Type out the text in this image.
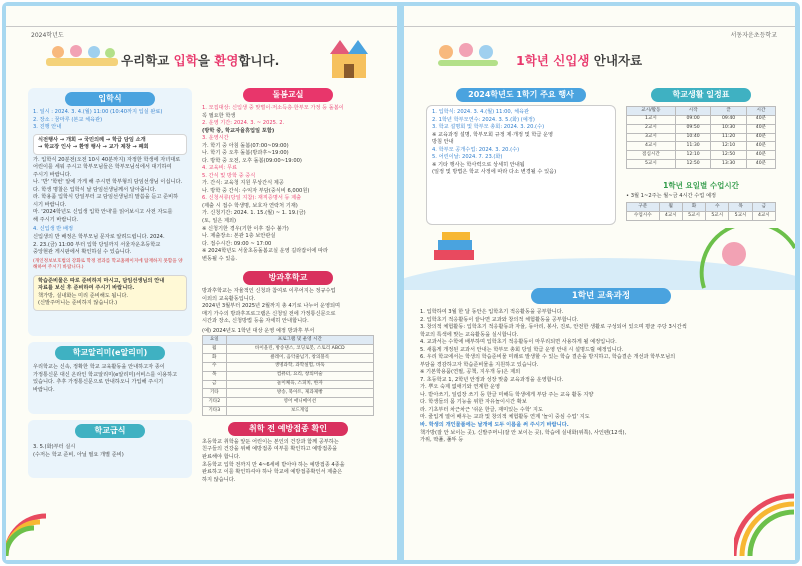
2024학년도
우리학교 입학을 환영합니다.
입학식
1. 일시 : 2024. 3. 4.(월) 11:00 (10:40까지 입실 완료)
2. 장소 : 꿈마루 (본교 체육관)
3. 진행 안내
식전행사 → 개회 → 국민의례 → 학급 담임 소개
→ 학교장 인사 → 환영 행사 → 교가 제창 → 폐회
가. 입학식 20분전(오전 10시 40분까지) 자정한 학생에 자녀대로
어린이를 세워 주시고 학부모님들은 학부모님석에서 대기하여
주시기 바랍니다.
나. '반' '학번' 알에 가게 해 주시면 학부형의 담임선생님 이십니다.
다. 학생 명찰은 입학식 날 담임선생님께서 달아줍니다.
라. 학용품 입학식 당일부터 교 담임선생님의 말씀을 듣고 준비하
시기 바랍니다.
마. '2024학년도 신입생 입학 안내'를 읽어보시고 사전 자도를
해 주시기 바랍니다.
4. 신입생 반 배정
신입생의 반 배정은 학부모님 문자로 알려드립니다. 2024.
2. 23.(금) 11:00 부터 입학 당일까지 서울자운초등학교
중앙현관 게시판에서 확인하실 수 있습니다.
(개인정보보호법의 강화로 학정 결과를 학교홈페이지에 탑재하지 못함을 양해하여 주시기 바랍니다.)
학습준비물은 따로 준비하지 마시고, 담임선생님의 안내
자료를 보신 후 준비하여 주시기 바랍니다.
책가방, 실내화는 미리 준비해도 됩니다.
(신발주머니는 준비하지 않습니다.)
학교알리미(e알리미)
우리학교는 신속, 정확한 학교 교육활동을 안내하고자 종이
가정통신문 대신 온라인 학교알리미(e알리미)서비스를 이용하고
있습니다. 추후 가정통신문으로 안내하오니 가입해 주시기
바랍니다.
학교급식
3. 5.(화)부터 실시
(수저는 학교 준비, 아닐 필요 개별 준비)
돌봄교실
1. 모집대상: 신입생 중 맞벌이·저소득층·한부모 가정 등 돌봄이
꼭 필요한 학생
2. 운영 기간: 2024. 3. ~ 2025. 2.
(방학 중, 학교자율휴업일 포함)
3. 운영시간
가. 학기 중 아침 돌봄(07:00~09:00)
나. 학기 중 오후 돌봄(방과후~19:00)
다. 방학 중 오전, 오후 돌봄(09:00~19:00)
4. 교육비: 무료
5. 간식 및 방학 중 중식
가. 간식: 교육청 지원 무상간식 제공
나. 방학 중 간식: 수익자 부담(중식비 6,000원)
6. 신청서류(당일 지참): 재직증명서 등 제출
(제출 시 접수 학생명, 보호자 연락처 기재)
가. 신청기간: 2024. 1. 15.(월) ~ 1. 19.(금)
(토, 일은 제외)
※ 신청기한 경우(기한 이후 접수 불가)
나. 제출장소: 본관 1층 보안관실
다. 접수시간: 09:00 ~ 17:00
※ 2024학년도 서울초등돌봄교실 운영 길라잡이에 따라
변동될 수 있음.
방과후학교
방과후학교는 자율적인 신청과 참여로 이루어지는 정규수업
이외의 교육활동입니다.
2024년 3월부터 2025년 2월까지 총 4기로 나누어 운영되며
매기 가수의 방과후프로그램은 신청일 전에 가정통신문으로
시간과 장소, 신청방법 등을 자세히 안내합니다.
(예) 2024년도 1학년 대상 운영 예정 방과후 부서
요일	프로그램 및 운영 시간
월	바이올린, 방송댄스, 코딩로봇, 스토리 ABCD
화	클레이, 음악줄넘기, 창의블록
수	생명과학, 과학실험, 바둑
목	컴퓨터, 요리, 창의미술
금	놀이체육, 스피치, 한자
기타	방송, 북아트, 제과제빵
기타2	영어 애니메이션
기타3	보드게임
취학 전 예방접종 확인
초등학교 취학을 앞둔 어린이는 본인의 건강과 함께 공부하는
친구들의 건강을 위해 예방접종 여부를 확인하고 예방접종을
완료해야 합니다.
초등학교 입학 전까지 만 4~6세에 받아야 하는 예방접종 4종을
완료하고 이를 확인하셔야 하나 학교에 예방접종확인서 제출은
하지 않습니다.
서동자운초등학교
1학년 신입생 안내자료
2024학년도 1학기 주요 행사
1. 입학식: 2024. 3. 4.(월) 11:00, 체육관
2. 1학년 학부모연수: 2024. 3. 5.(화) (예정)
3. 학교 설명회 및 학부모 총회: 2024. 3. 20.(수)
※ 교육과정 설명, 학부모회 규정 제·개정 및 학급 운영
방침 안내
4. 학부모 공개수업: 2024. 3. 20.(수)
5. 어린이날: 2024. 7. 23.(화)
※ 기타 행사는 학사력으로 상세히 안내됨
(일정 및 방법은 학교 사정에 따라 다소 변경될 수 있음)
학교생활 일정표
교시/활동	시작	끝	시간
1교시	09:00	09:40	40분
2교시	09:50	10:30	40분
3교시	10:40	11:20	40분
4교시	11:30	12:10	40분
점심시간	12:10	12:50	40분
5교시	12:50	13:30	40분
1학년 요일별 수업시간
• 3월 1~2주는 월~금 4시간 수업 예정
구분	월	화	수	목	금
수업시수	4교시	5교시	5교시	5교시	4교시
1학년 교육과정
1. 입학하여 3월 한 달 동안은 입학초기 적응활동을 공부합니다.
2. 입학초기 적응활동이 끝나면 교과와 창의적 체험활동을 공부합니다.
3. 창의적 체험활동: 입학초기 적응활동과 자율, 동아리, 봉사, 진로, 안전한 생활로 구성되어 있으며 평균 주당 3시간씩
학교의 특색에 맞는 교육활동을 실시합니다.
4. 교과서는 수학에 배부하며 입학초기 적응활동이 마무리되면 사용하게 될 예정입니다.
5. 새롭게 개정된 교과서 안내는 학부모 총회 당일 학급 운영 안내 시 설명드릴 예정입니다.
6. 우리 학교에서는 학생의 학습준비물 미래로 발생할 수 있는 학습 결손을 방지하고, 학습결손 개선과 학부모님의
부담을 경감하고자 학습준비물을 지원하고 있습니다.
※ 기본학용품(연필, 공책, 지우개 등)은 제외
7. 초등학교 1, 2학년 안정과 성장 맞춤 교육과정을 운영합니다.
가. 뿌오 숙제 없애기와 연계한 운영
나. 받아쓰기, 일림장 쓰기 등 한글 미해득 학생에게 부담 주는 교육 활동 지양
다. 학생들의 몸 기능을 위한 자유놀이시간 확보
라. 기초부터 차근차근 '쉬운 한글, 재미있는 수학' 지도
마. 줄입게 열어 배우는 교과 및 창의적 체험활동 연계 '놀이 중심 수업' 지도
바. 학생의 개인물품에는 날개에 도두 이름을 써 주시기 바랍니다.
책가방(잘 안 보이는 곳), 신발주머니(잘 안 보이는 곳), 학습에 실내화(위쪽), 사인펜(12색),
가위, 딱풀, 풀뚜 등
